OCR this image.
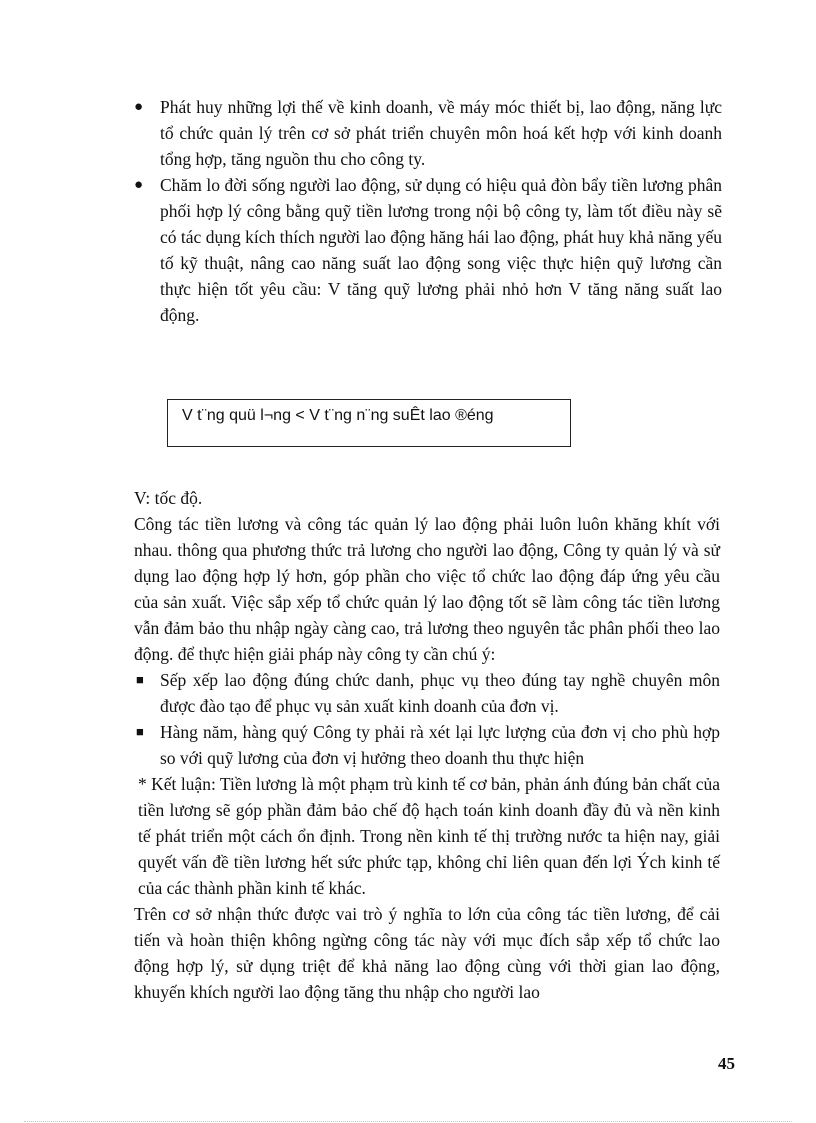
● Phát huy những lợi thế về kinh doanh, về máy móc thiết bị, lao động, năng lực tổ chức quản lý trên cơ sở phát triển chuyên môn hoá kết hợp với kinh doanh tổng hợp, tăng nguồn thu cho công ty.
● Chăm lo đời sống người lao động, sử dụng có hiệu quả đòn bẩy tiền lương phân phối hợp lý công bằng quỹ tiền lương trong nội bộ công ty, làm tốt điều này sẽ có tác dụng kích thích người lao động hăng hái lao động, phát huy khả năng yếu tố kỹ thuật, nâng cao năng suất lao động song việc thực hiện quỹ lương cần thực hiện tốt yêu cầu: V tăng quỹ lương phải nhỏ hơn V tăng năng suất lao động.
V t¨ng quü l¬ng < V t¨ng n¨ng suÊt lao ®éng

V: tốc độ.

Công tác tiền lương và công tác quản lý lao động phải luôn luôn khăng khít với nhau. thông qua phương thức trả lương cho người lao động, Công ty quản lý và sử dụng lao động hợp lý hơn, góp phần cho việc tổ chức lao động đáp ứng yêu cầu của sản xuất. Việc sắp xếp tổ chức quản lý lao động tốt sẽ làm công tác tiền lương vẫn đảm bảo thu nhập ngày càng cao, trả lương theo nguyên tắc phân phối theo lao động. để thực hiện giải pháp này công ty cần chú ý:

■ Sếp xếp lao động đúng chức danh, phục vụ theo đúng tay nghề chuyên môn được đào tạo để phục vụ sản xuất kinh doanh của đơn vị.
■ Hàng năm, hàng quý Công ty phải rà xét lại lực lượng của đơn vị cho phù hợp so với quỹ lương của đơn vị hưởng theo doanh thu thực hiện

* Kết luận: Tiền lương là một phạm trù kinh tế cơ bản, phản ánh đúng bản chất của tiền lương sẽ góp phần đảm bảo chế độ hạch toán kinh doanh đầy đủ và nền kinh tế phát triển một cách ổn định. Trong nền kinh tế thị trường nước ta hiện nay, giải quyết vấn đề tiền lương hết sức phức tạp, không chỉ liên quan đến lợi Ých kinh tế của các thành phần kinh tế khác.

Trên cơ sở nhận thức được vai trò ý nghĩa to lớn của công tác tiền lương, để cải tiến và hoàn thiện không ngừng công tác này với mục đích sắp xếp tổ chức lao động hợp lý, sử dụng triệt để khả năng lao động cùng với thời gian lao động, khuyến khích người lao động tăng thu nhập cho người lao

45
